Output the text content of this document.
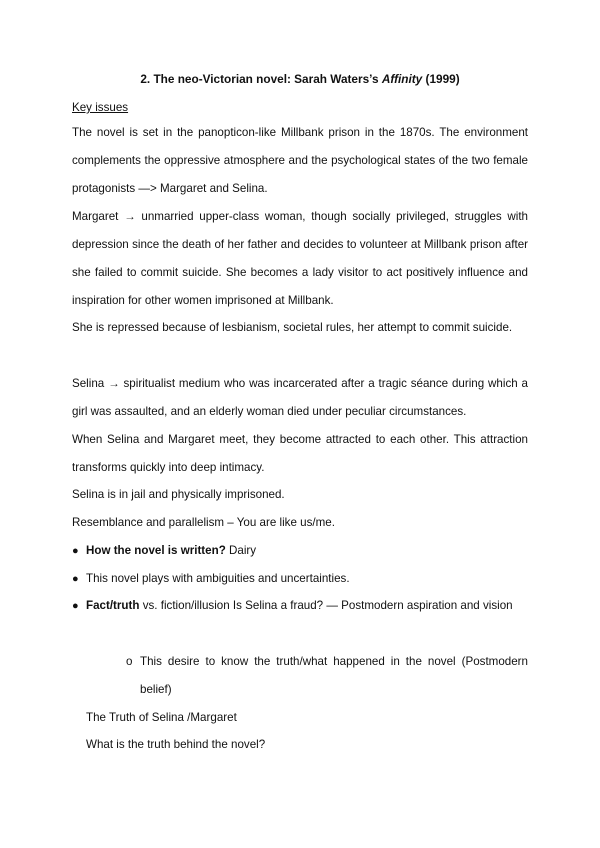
2. The neo-Victorian novel: Sarah Waters’s Affinity (1999)
Key issues
The novel is set in the panopticon-like Millbank prison in the 1870s. The environment complements the oppressive atmosphere and the psychological states of the two female protagonists —> Margaret and Selina.
Margaret → unmarried upper-class woman, though socially privileged, struggles with depression since the death of her father and decides to volunteer at Millbank prison after she failed to commit suicide. She becomes a lady visitor to act positively influence and inspiration for other women imprisoned at Millbank.
She is repressed because of lesbianism, societal rules, her attempt to commit suicide.
Selina → spiritualist medium who was incarcerated after a tragic séance during which a girl was assaulted, and an elderly woman died under peculiar circumstances.
When Selina and Margaret meet, they become attracted to each other. This attraction transforms quickly into deep intimacy.
Selina is in jail and physically imprisoned.
Resemblance and parallelism – You are like us/me.
● How the novel is written? Dairy
● This novel plays with ambiguities and uncertainties.
● Fact/truth vs. fiction/illusion Is Selina a fraud? — Postmodern aspiration and vision
o This desire to know the truth/what happened in the novel (Postmodern belief)
The Truth of Selina /Margaret
What is the truth behind the novel?
